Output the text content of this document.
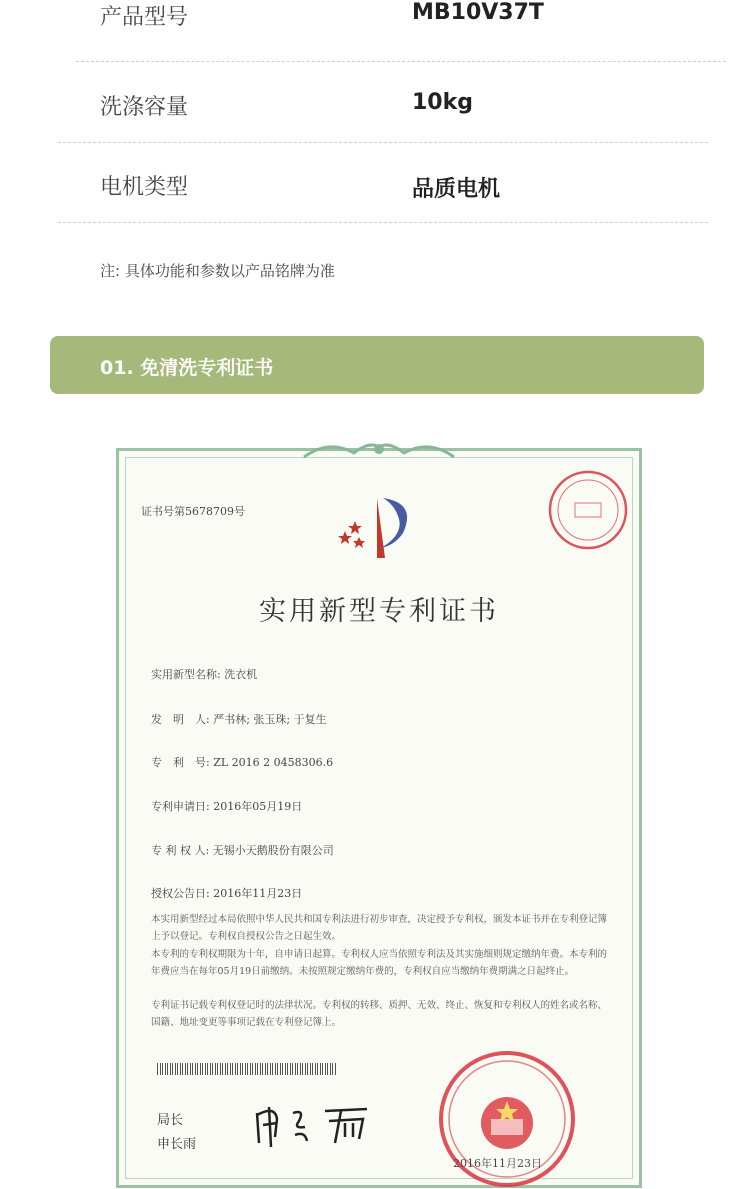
产品型号	MB10V37T
洗涤容量	10kg
电机类型	品质电机
注: 具体功能和参数以产品铭牌为准
01. 免清洗专利证书
证书号第5678709号
实用新型专利证书
实用新型名称: 洗衣机
发　明　人: 严书林; 张玉珠; 于复生
专　利　号: ZL 2016 2 0458306.6
专利申请日: 2016年05月19日
专 利 权 人: 无锡小天鹅股份有限公司
授权公告日: 2016年11月23日

本实用新型经过本局依照中华人民共和国专利法进行初步审查，决定授予专利权，颁发本证书并在专利登记簿上予以登记。专利权自授权公告之日起生效。

本专利的专利权期限为十年，自申请日起算。专利权人应当依照专利法及其实施细则规定缴纳年费。本专利的年费应当在每年05月19日前缴纳。未按照规定缴纳年费的，专利权自应当缴纳年费期满之日起终止。

专利证书记载专利权登记时的法律状况。专利权的转移、质押、无效、终止、恢复和专利权人的姓名或名称、国籍、地址变更等事项记载在专利登记簿上。

局长
申长雨
2016年11月23日
